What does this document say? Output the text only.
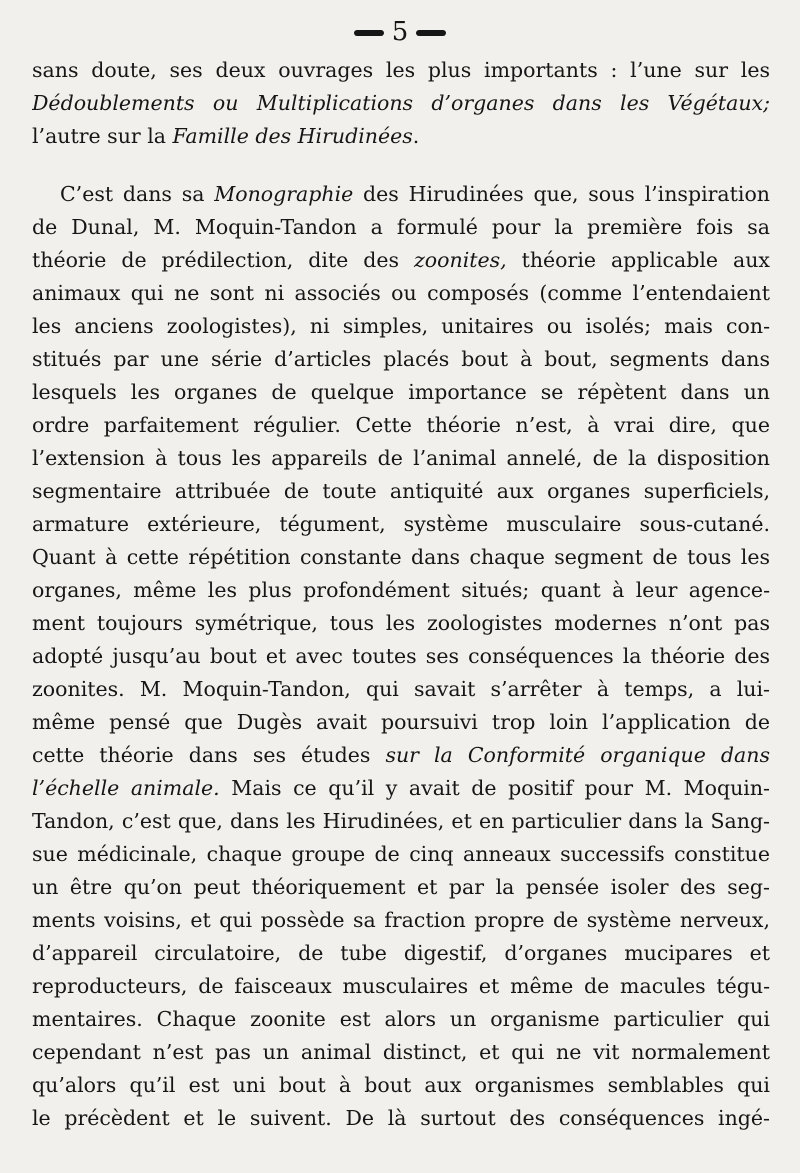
5
sans doute, ses deux ouvrages les plus importants : l’une sur les
Dédoublements ou Multiplications d’organes dans les Végétaux;
l’autre sur la Famille des Hirudinées.
C’est dans sa Monographie des Hirudinées que, sous l’inspiration
de Dunal, M. Moquin-Tandon a formulé pour la première fois sa
théorie de prédilection, dite des zoonites, théorie applicable aux
animaux qui ne sont ni associés ou composés (comme l’entendaient
les anciens zoologistes), ni simples, unitaires ou isolés; mais con-
stitués par une série d’articles placés bout à bout, segments dans
lesquels les organes de quelque importance se répètent dans un
ordre parfaitement régulier. Cette théorie n’est, à vrai dire, que
l’extension à tous les appareils de l’animal annelé, de la disposition
segmentaire attribuée de toute antiquité aux organes superficiels,
armature extérieure, tégument, système musculaire sous-cutané.
Quant à cette répétition constante dans chaque segment de tous les
organes, même les plus profondément situés; quant à leur agence-
ment toujours symétrique, tous les zoologistes modernes n’ont pas
adopté jusqu’au bout et avec toutes ses conséquences la théorie des
zoonites. M. Moquin-Tandon, qui savait s’arrêter à temps, a lui-
même pensé que Dugès avait poursuivi trop loin l’application de
cette théorie dans ses études sur la Conformité organique dans
l’échelle animale. Mais ce qu’il y avait de positif pour M. Moquin-
Tandon, c’est que, dans les Hirudinées, et en particulier dans la Sang-
sue médicinale, chaque groupe de cinq anneaux successifs constitue
un être qu’on peut théoriquement et par la pensée isoler des seg-
ments voisins, et qui possède sa fraction propre de système nerveux,
d’appareil circulatoire, de tube digestif, d’organes mucipares et
reproducteurs, de faisceaux musculaires et même de macules tégu-
mentaires. Chaque zoonite est alors un organisme particulier qui
cependant n’est pas un animal distinct, et qui ne vit normalement
qu’alors qu’il est uni bout à bout aux organismes semblables qui
le précèdent et le suivent. De là surtout des conséquences ingé-
